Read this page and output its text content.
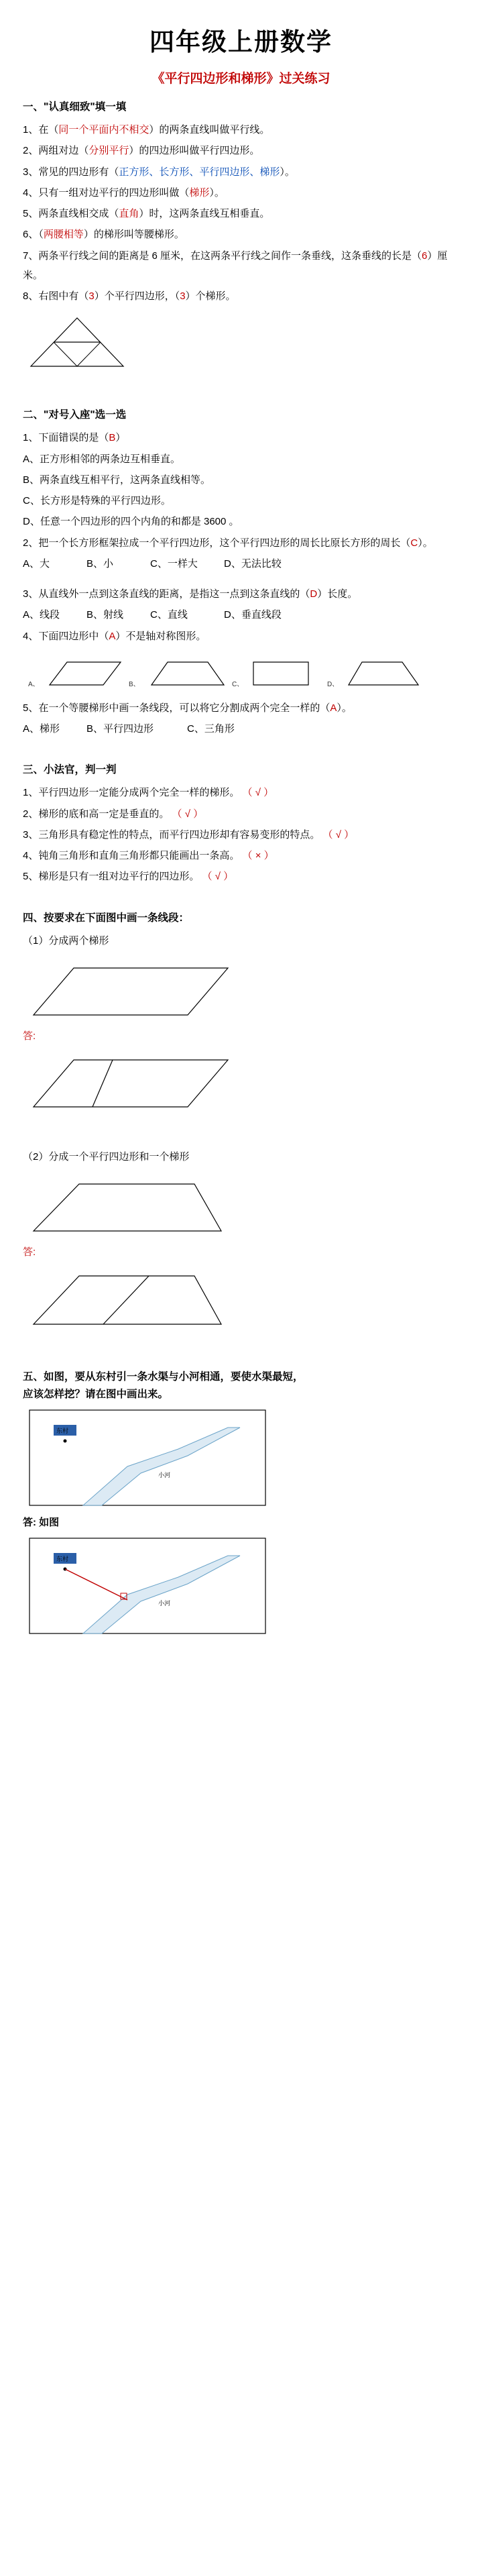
四年级上册数学
《平行四边形和梯形》过关练习
一、"认真细致"填一填
1、在（同一个平面内不相交）的两条直线叫做平行线。
2、两组对边（分别平行）的四边形叫做平行四边形。
3、常见的四边形有（正方形、长方形、平行四边形、梯形）。
4、只有一组对边平行的四边形叫做（梯形）。
5、两条直线相交成（直角）时，这两条直线互相垂直。
6、（两腰相等）的梯形叫等腰梯形。
7、两条平行线之间的距离是 6 厘米，在这两条平行线之间作一条垂线，这条垂线的长是（6）厘米。
8、右图中有（3）个平行四边形，（3）个梯形。
二、"对号入座"选一选
1、下面错误的是（B）
A、正方形相邻的两条边互相垂直。
B、两条直线互相平行，这两条直线相等。
C、长方形是特殊的平行四边形。
D、任意一个四边形的四个内角的和都是 3600 。
2、把一个长方形框架拉成一个平行四边形，这个平行四边形的周长比原长方形的周长（C）。
A、大	B、小	C、一样大	D、无法比较
3、从直线外一点到这条直线的距离，是指这一点到这条直线的（D）长度。
A、线段	B、射线	C、直线	D、垂直线段
4、下面四边形中（A）不是轴对称图形。
A、	B、	C、	D、
5、在一个等腰梯形中画一条线段，可以将它分割成两个完全一样的（A）。
A、梯形	B、平行四边形	C、三角形
三、小法官，判一判
1、平行四边形一定能分成两个完全一样的梯形。 （ √ ）
2、梯形的底和高一定是垂直的。 （ √ ）
3、三角形具有稳定性的特点，而平行四边形却有容易变形的特点。 （ √ ）
4、钝角三角形和直角三角形都只能画出一条高。 （ × ）
5、梯形是只有一组对边平行的四边形。 （ √ ）
四、按要求在下面图中画一条线段：
（1）分成两个梯形
答:
（2）分成一个平行四边形和一个梯形
答:
五、如图，要从东村引一条水渠与小河相通，要使水渠最短，
应该怎样挖？请在图中画出来。
东村
小河
答: 如图
东村
小河
